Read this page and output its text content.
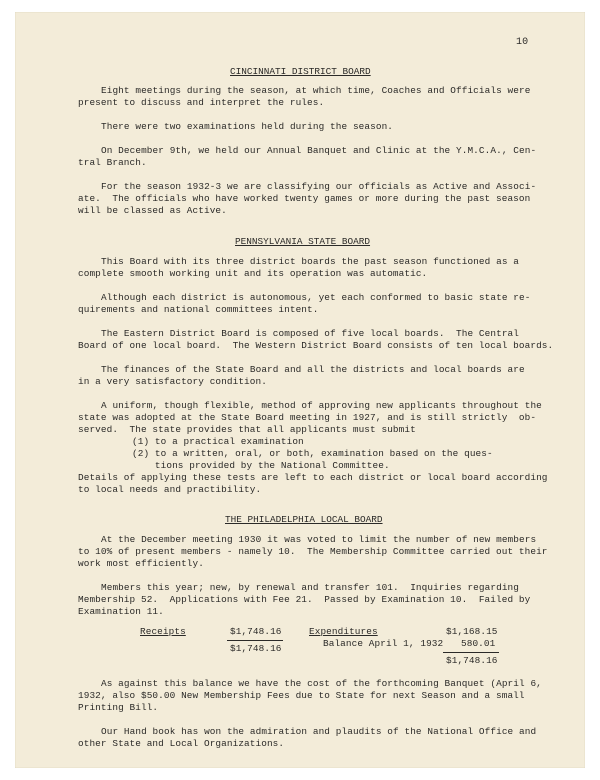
10
CINCINNATI DISTRICT BOARD
Eight meetings during the season, at which time, Coaches and Officials were
present to discuss and interpret the rules.
There were two examinations held during the season.
On December 9th, we held our Annual Banquet and Clinic at the Y.M.C.A., Cen-
tral Branch.
For the season 1932-3 we are classifying our officials as Active and Associ-
ate.  The officials who have worked twenty games or more during the past season
will be classed as Active.
PENNSYLVANIA STATE BOARD
This Board with its three district boards the past season functioned as a
complete smooth working unit and its operation was automatic.
Although each district is autonomous, yet each conformed to basic state re-
quirements and national committees intent.
The Eastern District Board is composed of five local boards.  The Central
Board of one local board.  The Western District Board consists of ten local boards.
The finances of the State Board and all the districts and local boards are
in a very satisfactory condition.
A uniform, though flexible, method of approving new applicants throughout the
state was adopted at the State Board meeting in 1927, and is still strictly  ob-
served.  The state provides that all applicants must submit
(1) to a practical examination
(2) to a written, oral, or both, examination based on the ques-
tions provided by the National Committee.
Details of applying these tests are left to each district or local board according
to local needs and practibility.
THE PHILADELPHIA LOCAL BOARD
At the December meeting 1930 it was voted to limit the number of new members
to 10% of present members - namely 10.  The Membership Committee carried out their
work most efficiently.
Members this year; new, by renewal and transfer 101.  Inquiries regarding
Membership 52.  Applications with Fee 21.  Passed by Examination 10.  Failed by
Examination 11.
Receipts	$1,748.16
$1,748.16
Expenditures	$1,168.15
Balance April 1, 1932 580.01
$1,748.16
As against this balance we have the cost of the forthcoming Banquet (April 6,
1932, also $50.00 New Membership Fees due to State for next Season and a small
Printing Bill.
Our Hand book has won the admiration and plaudits of the National Office and
other State and Local Organizations.
